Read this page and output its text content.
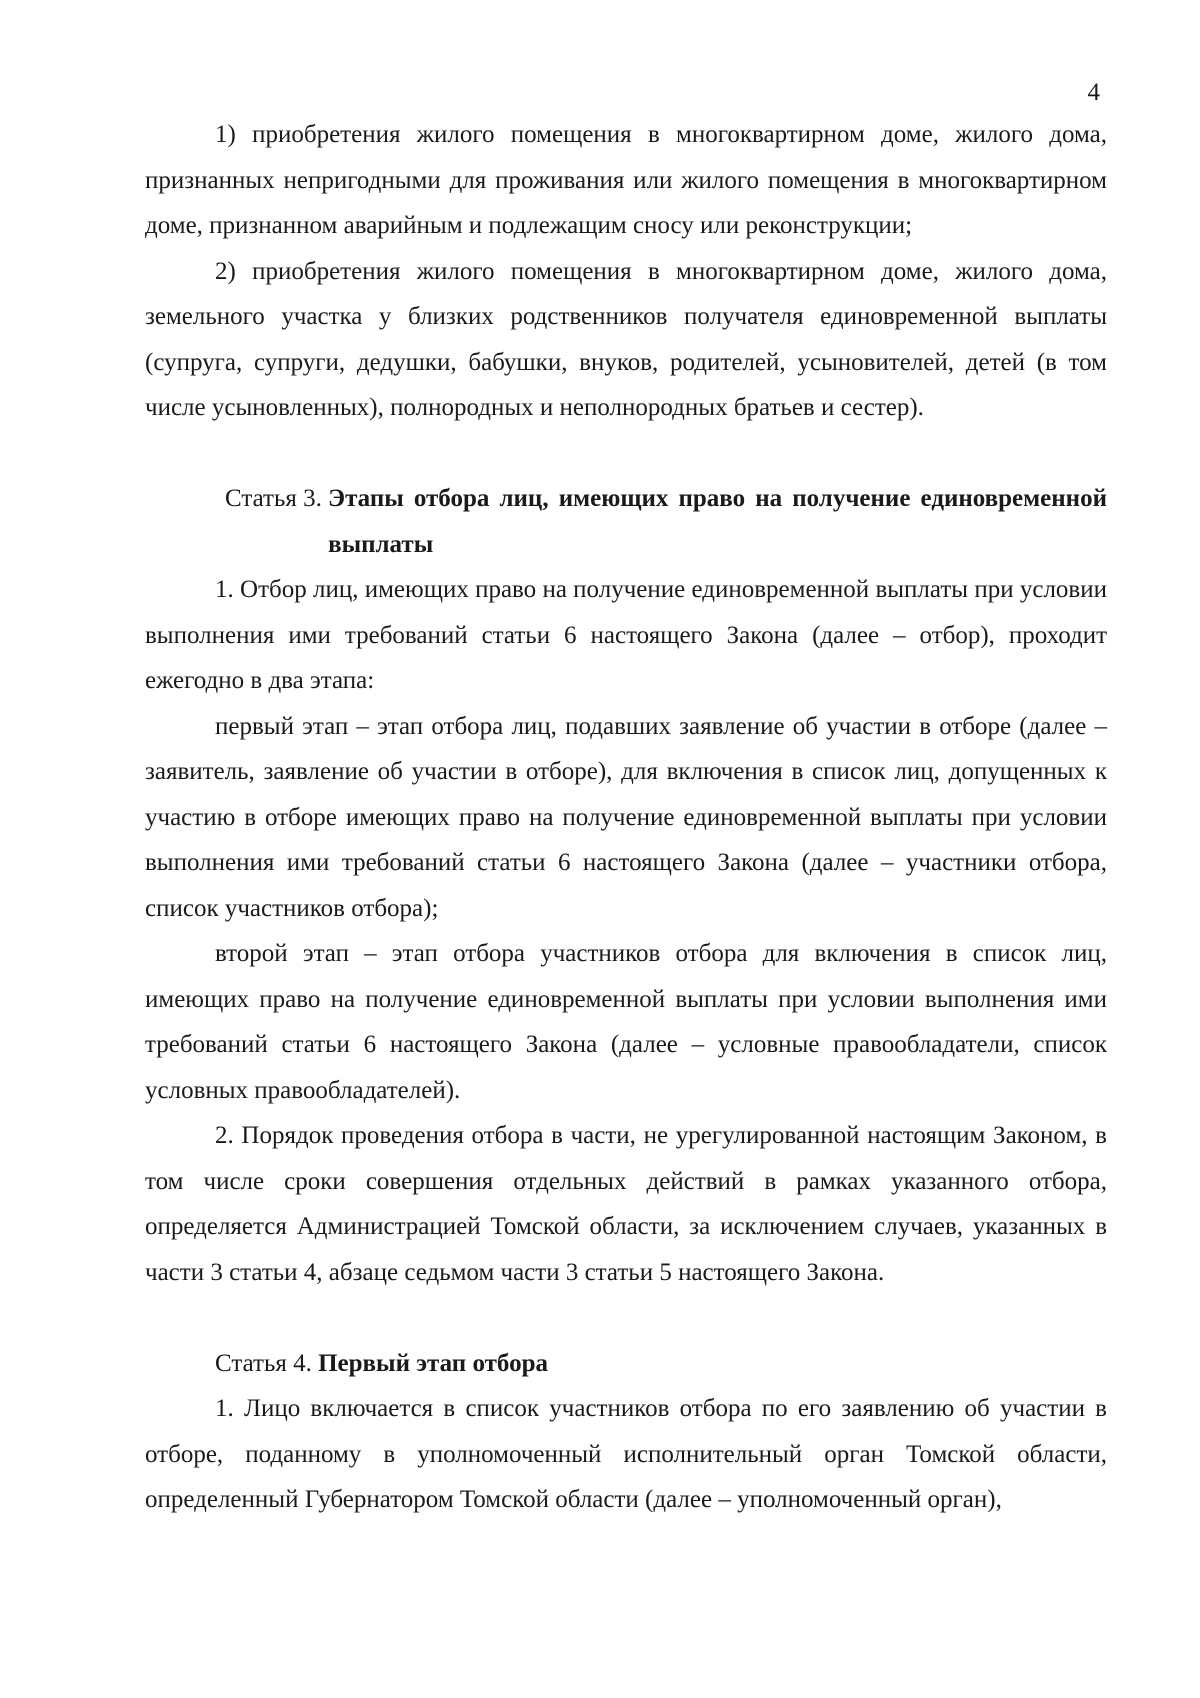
4

1) приобретения жилого помещения в многоквартирном доме, жилого дома, признанных непригодными для проживания или жилого помещения в многоквартирном доме, признанном аварийным и подлежащим сносу или реконструкции;

2) приобретения жилого помещения в многоквартирном доме, жилого дома, земельного участка у близких родственников получателя единовременной выплаты (супруга, супруги, дедушки, бабушки, внуков, родителей, усыновителей, детей (в том числе усыновленных), полнородных и неполнородных братьев и сестер).

Статья 3. Этапы отбора лиц, имеющих право на получение единовременной выплаты

1. Отбор лиц, имеющих право на получение единовременной выплаты при условии выполнения ими требований статьи 6 настоящего Закона (далее – отбор), проходит ежегодно в два этапа:

первый этап – этап отбора лиц, подавших заявление об участии в отборе (далее – заявитель, заявление об участии в отборе), для включения в список лиц, допущенных к участию в отборе имеющих право на получение единовременной выплаты при условии выполнения ими требований статьи 6 настоящего Закона (далее – участники отбора, список участников отбора);

второй этап – этап отбора участников отбора для включения в список лиц, имеющих право на получение единовременной выплаты при условии выполнения ими требований статьи 6 настоящего Закона (далее – условные правообладатели, список условных правообладателей).

2. Порядок проведения отбора в части, не урегулированной настоящим Законом, в том числе сроки совершения отдельных действий в рамках указанного отбора, определяется Администрацией Томской области, за исключением случаев, указанных в части 3 статьи 4, абзаце седьмом части 3 статьи 5 настоящего Закона.

Статья 4. Первый этап отбора

1. Лицо включается в список участников отбора по его заявлению об участии в отборе, поданному в уполномоченный исполнительный орган Томской области, определенный Губернатором Томской области (далее – уполномоченный орган),
